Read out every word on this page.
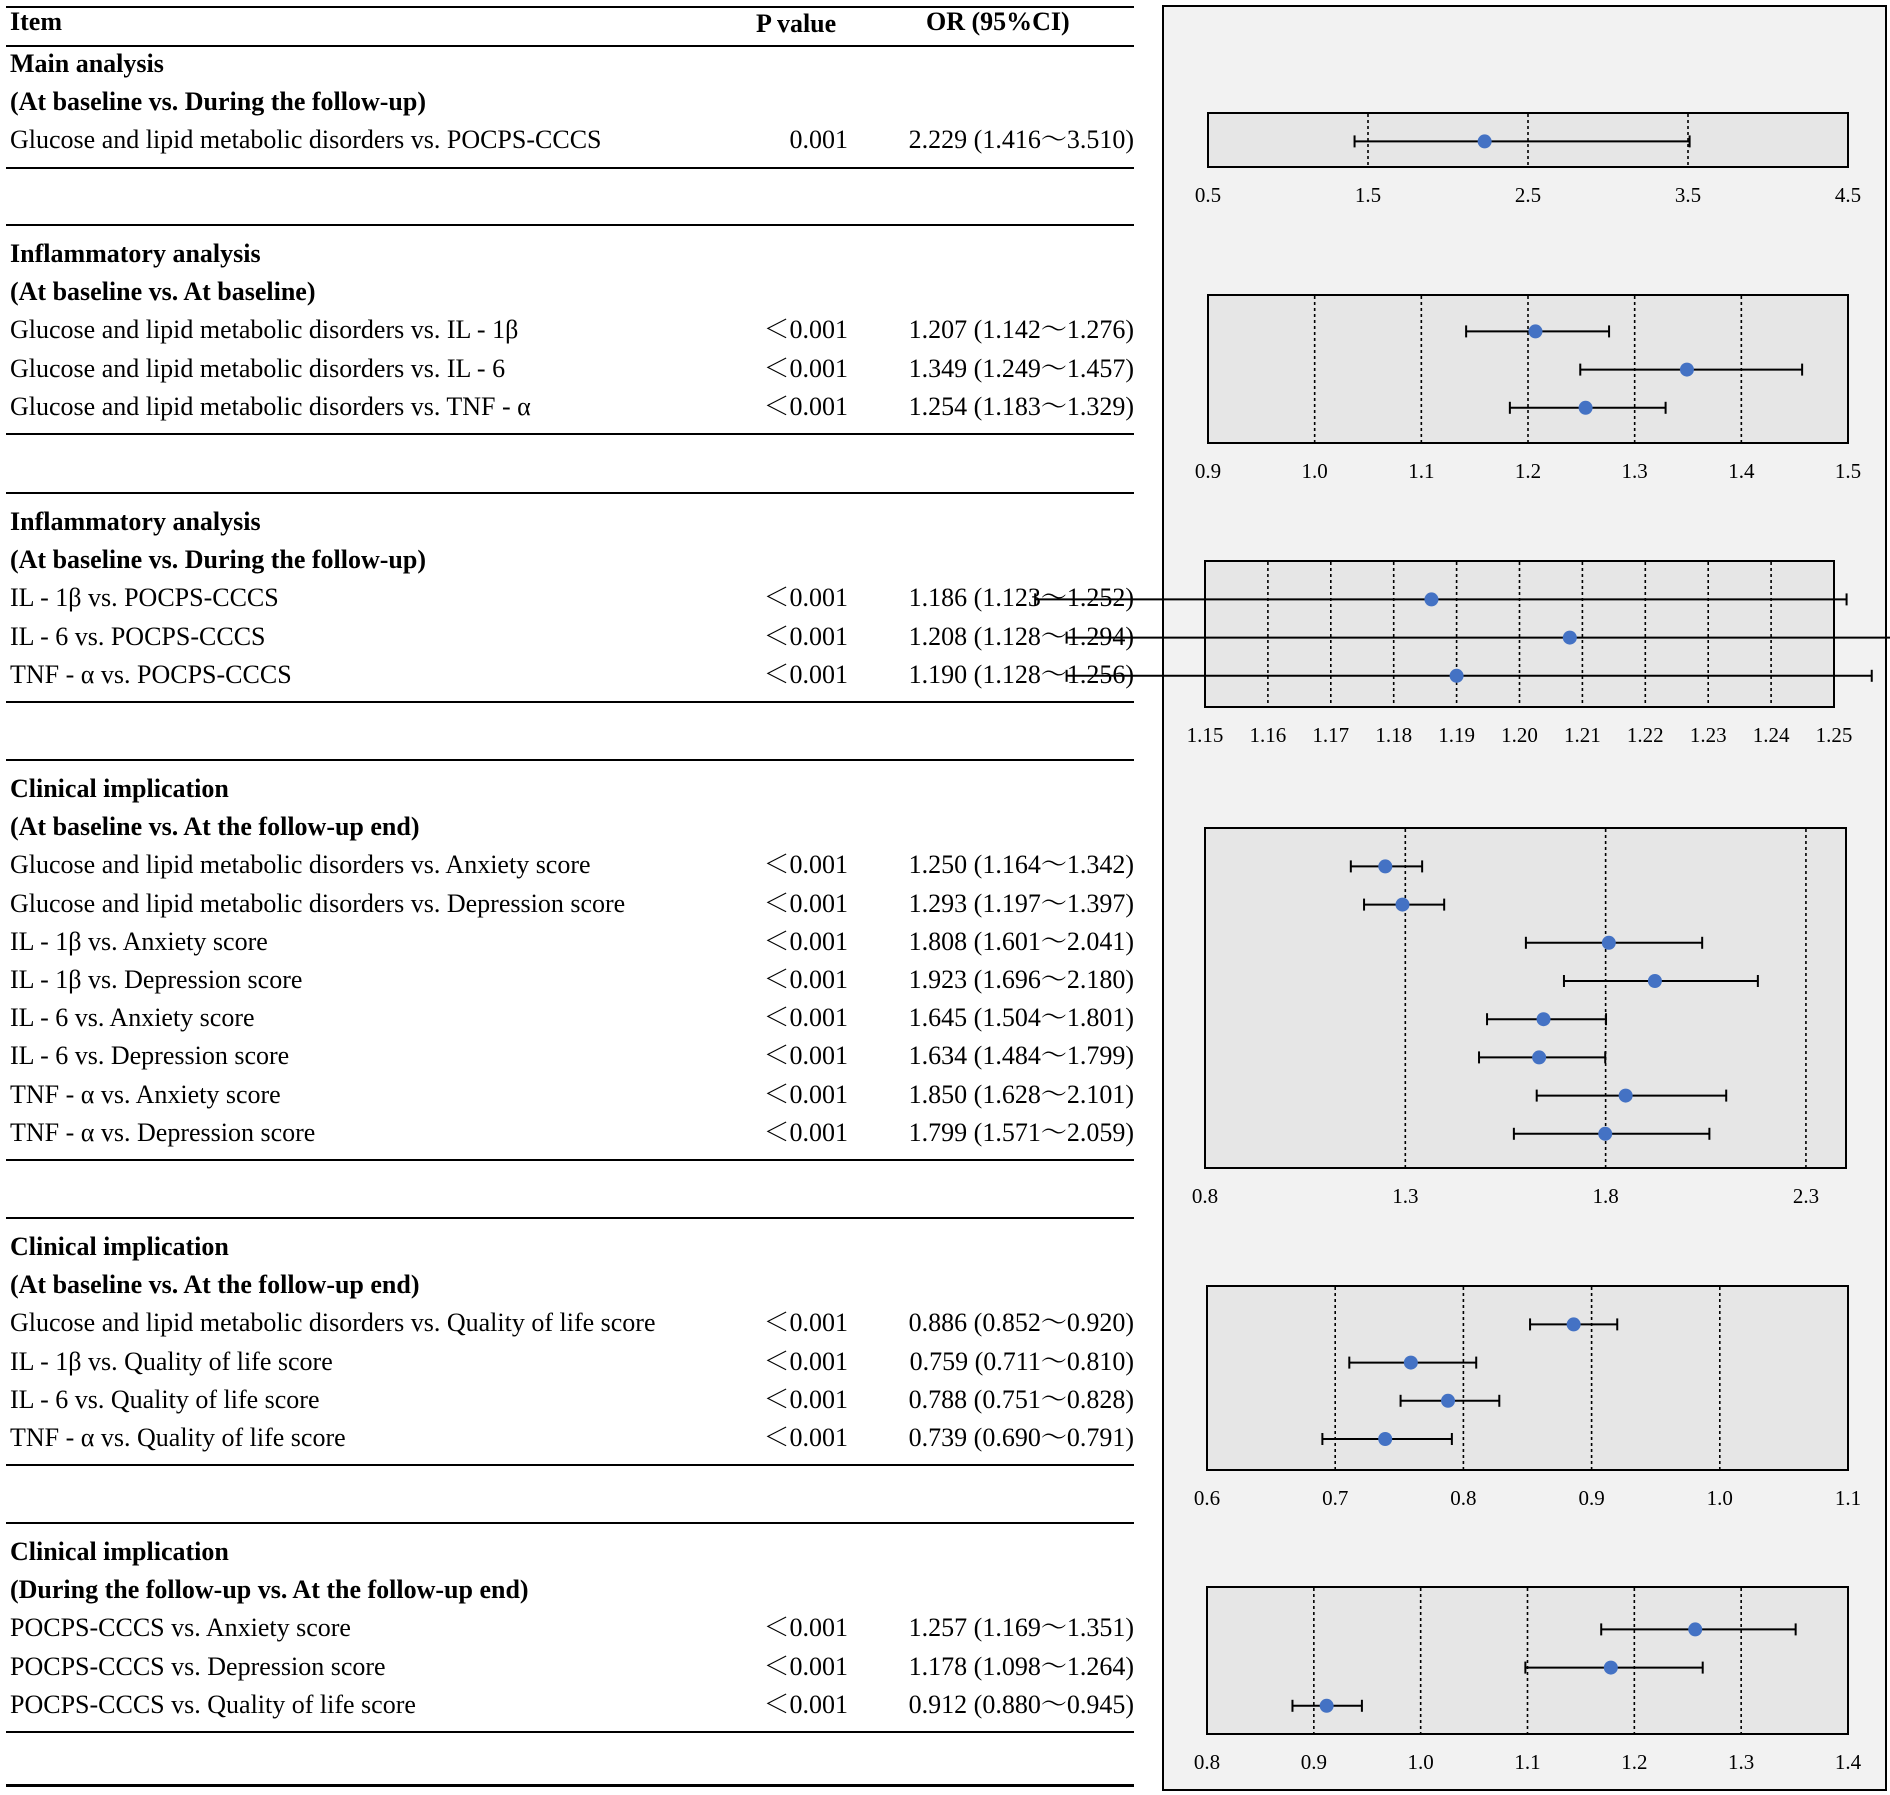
Item	P value	OR (95%CI)
Main analysis
(At baseline vs. During the follow-up)
Glucose and lipid metabolic disorders vs. POCPS-CCCS	0.001	2.229 (1.416～3.510)
Inflammatory analysis
(At baseline vs. At baseline)
Glucose and lipid metabolic disorders vs. IL - 1β	＜0.001	1.207 (1.142～1.276)
Glucose and lipid metabolic disorders vs. IL - 6	＜0.001	1.349 (1.249～1.457)
Glucose and lipid metabolic disorders vs. TNF - α	＜0.001	1.254 (1.183～1.329)
Inflammatory analysis
(At baseline vs. During the follow-up)
IL - 1β vs. POCPS-CCCS	＜0.001	1.186 (1.123～1.252)
IL - 6 vs. POCPS-CCCS	＜0.001	1.208 (1.128～1.294)
TNF - α vs. POCPS-CCCS	＜0.001	1.190 (1.128～1.256)
Clinical implication
(At baseline vs. At the follow-up end)
Glucose and lipid metabolic disorders vs. Anxiety score	＜0.001	1.250 (1.164～1.342)
Glucose and lipid metabolic disorders vs. Depression score	＜0.001	1.293 (1.197～1.397)
IL - 1β vs. Anxiety score	＜0.001	1.808 (1.601～2.041)
IL - 1β vs. Depression score	＜0.001	1.923 (1.696～2.180)
IL - 6 vs. Anxiety score	＜0.001	1.645 (1.504～1.801)
IL - 6 vs. Depression score	＜0.001	1.634 (1.484～1.799)
TNF - α vs. Anxiety score	＜0.001	1.850 (1.628～2.101)
TNF - α vs. Depression score	＜0.001	1.799 (1.571～2.059)
Clinical implication
(At baseline vs. At the follow-up end)
Glucose and lipid metabolic disorders vs. Quality of life score	＜0.001	0.886 (0.852～0.920)
IL - 1β vs. Quality of life score	＜0.001	0.759 (0.711～0.810)
IL - 6 vs. Quality of life score	＜0.001	0.788 (0.751～0.828)
TNF - α vs. Quality of life score	＜0.001	0.739 (0.690～0.791)
Clinical implication
(During the follow-up vs. At the follow-up end)
POCPS-CCCS vs. Anxiety score	＜0.001	1.257 (1.169～1.351)
POCPS-CCCS vs. Depression score	＜0.001	1.178 (1.098～1.264)
POCPS-CCCS vs. Quality of life score	＜0.001	0.912 (0.880～0.945)
0.5	1.5	2.5	3.5	4.5
0.9	1.0	1.1	1.2	1.3	1.4	1.5
1.15 1.16 1.17 1.18 1.19 1.20 1.21 1.22 1.23 1.24 1.25
0.8	1.3	1.8	2.3
0.6	0.7	0.8	0.9	1.0	1.1
0.8	0.9	1.0	1.1	1.2	1.3	1.4
